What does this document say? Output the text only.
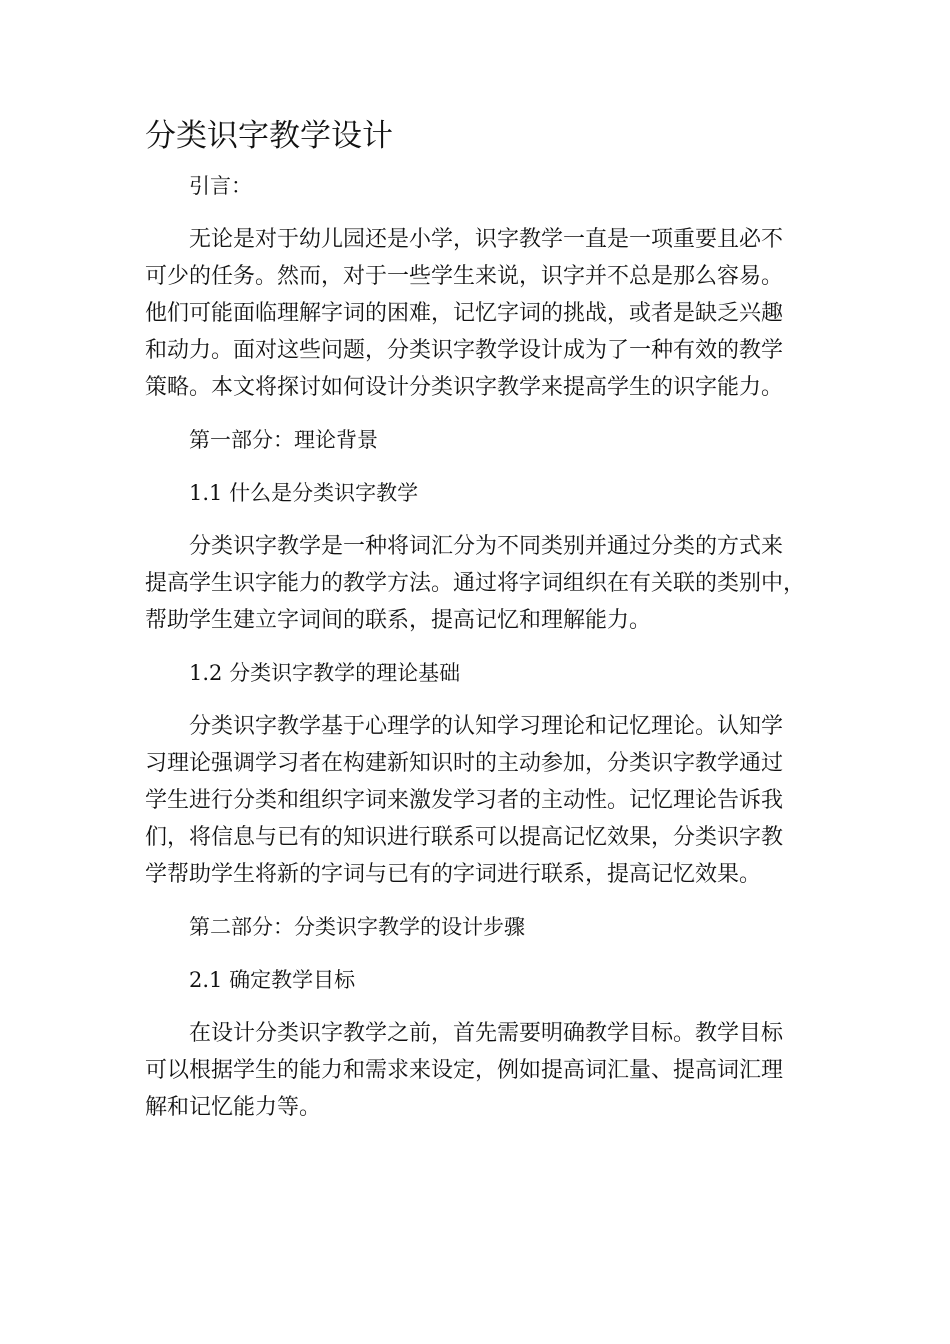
分类识字教学设计
引言：
无论是对于幼儿园还是小学，识字教学一直是一项重要且必不
可少的任务。然而，对于一些学生来说，识字并不总是那么容易。
他们可能面临理解字词的困难，记忆字词的挑战，或者是缺乏兴趣
和动力。面对这些问题，分类识字教学设计成为了一种有效的教学
策略。本文将探讨如何设计分类识字教学来提高学生的识字能力。
第一部分：理论背景
1.1 什么是分类识字教学
分类识字教学是一种将词汇分为不同类别并通过分类的方式来
提高学生识字能力的教学方法。通过将字词组织在有关联的类别中，
帮助学生建立字词间的联系，提高记忆和理解能力。
1.2 分类识字教学的理论基础
分类识字教学基于心理学的认知学习理论和记忆理论。认知学
习理论强调学习者在构建新知识时的主动参加，分类识字教学通过
学生进行分类和组织字词来激发学习者的主动性。记忆理论告诉我
们，将信息与已有的知识进行联系可以提高记忆效果，分类识字教
学帮助学生将新的字词与已有的字词进行联系，提高记忆效果。
第二部分：分类识字教学的设计步骤
2.1 确定教学目标
在设计分类识字教学之前，首先需要明确教学目标。教学目标
可以根据学生的能力和需求来设定，例如提高词汇量、提高词汇理
解和记忆能力等。
